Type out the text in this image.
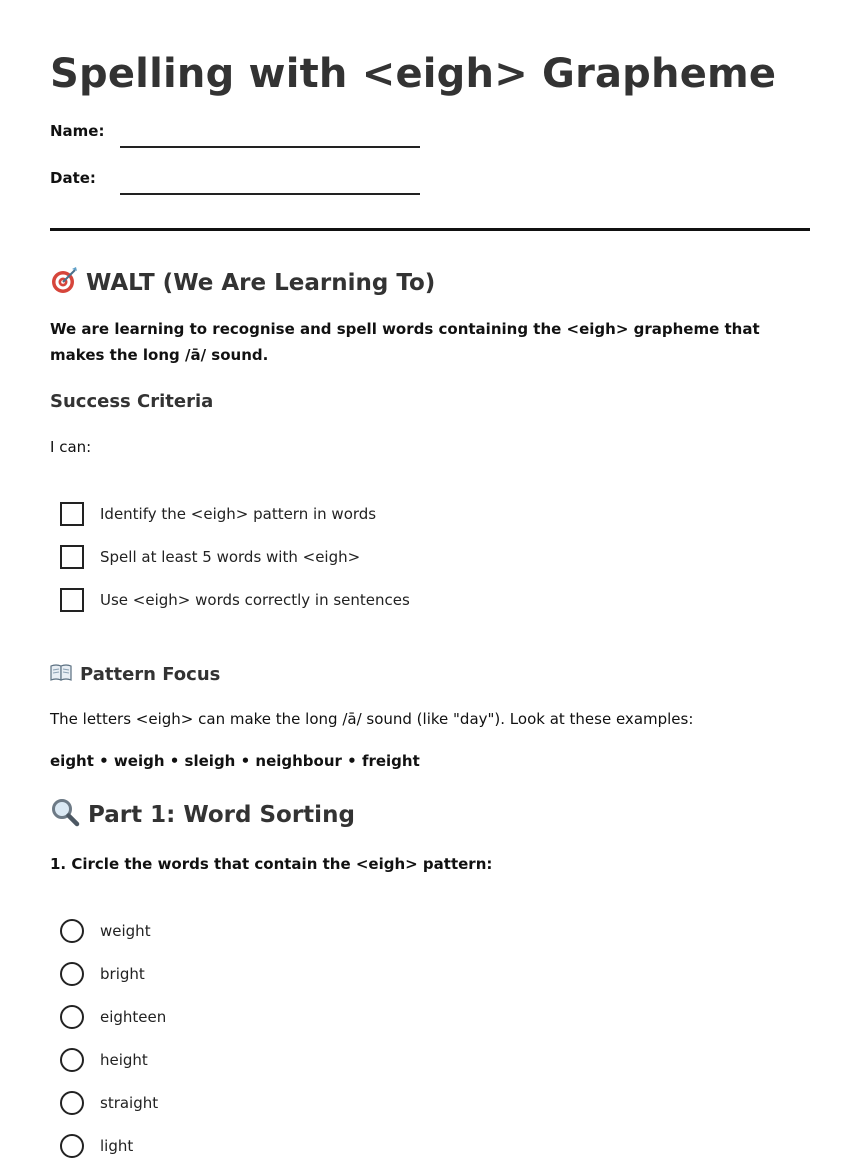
Spelling with <eigh> Grapheme
Name:
Date:
WALT (We Are Learning To)
We are learning to recognise and spell words containing the <eigh> grapheme that makes the long /ā/ sound.
Success Criteria
I can:
Identify the <eigh> pattern in words
Spell at least 5 words with <eigh>
Use <eigh> words correctly in sentences
Pattern Focus
The letters <eigh> can make the long /ā/ sound (like "day"). Look at these examples:
eight • weigh • sleigh • neighbour • freight
Part 1: Word Sorting
1. Circle the words that contain the <eigh> pattern:
weight
bright
eighteen
height
straight
light
